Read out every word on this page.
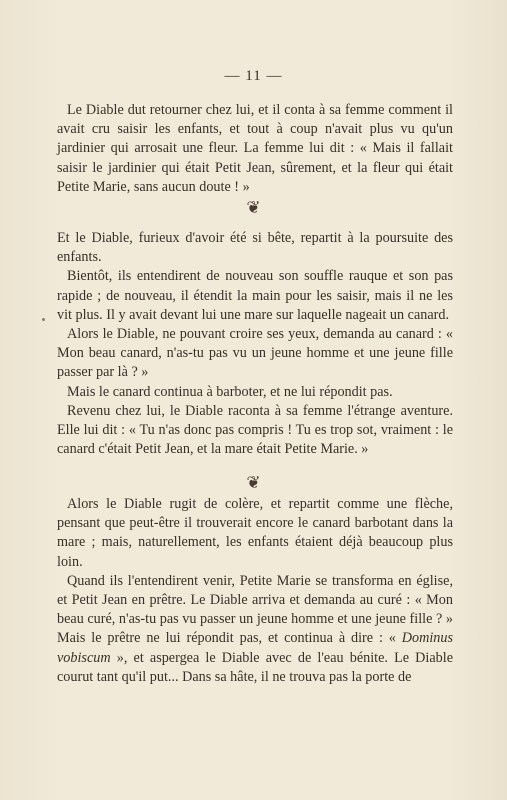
— 11 —

Le Diable dut retourner chez lui, et il conta à sa femme comment il avait cru saisir les enfants, et tout à coup n'avait plus vu qu'un jardinier qui arrosait une fleur. La femme lui dit : « Mais il fallait saisir le jardinier qui était Petit Jean, sûrement, et la fleur qui était Petite Marie, sans aucun doute ! »

❦

Et le Diable, furieux d'avoir été si bête, repartit à la poursuite des enfants.

Bientôt, ils entendirent de nouveau son souffle rauque et son pas rapide ; de nouveau, il étendit la main pour les saisir, mais il ne les vit plus. Il y avait devant lui une mare sur laquelle nageait un canard.

Alors le Diable, ne pouvant croire ses yeux, demanda au canard : « Mon beau canard, n'as-tu pas vu un jeune homme et une jeune fille passer par là ? »

Mais le canard continua à barboter, et ne lui répondit pas.

Revenu chez lui, le Diable raconta à sa femme l'étrange aventure. Elle lui dit : « Tu n'as donc pas compris ! Tu es trop sot, vraiment : le canard c'était Petit Jean, et la mare était Petite Marie. »

❦

Alors le Diable rugit de colère, et repartit comme une flèche, pensant que peut-être il trouverait encore le canard barbotant dans la mare ; mais, naturellement, les enfants étaient déjà beaucoup plus loin.

Quand ils l'entendirent venir, Petite Marie se transforma en église, et Petit Jean en prêtre. Le Diable arriva et demanda au curé : « Mon beau curé, n'as-tu pas vu passer un jeune homme et une jeune fille ? » Mais le prêtre ne lui répondit pas, et continua à dire : « Dominus vobiscum », et aspergea le Diable avec de l'eau bénite. Le Diable courut tant qu'il put... Dans sa hâte, il ne trouva pas la porte de
